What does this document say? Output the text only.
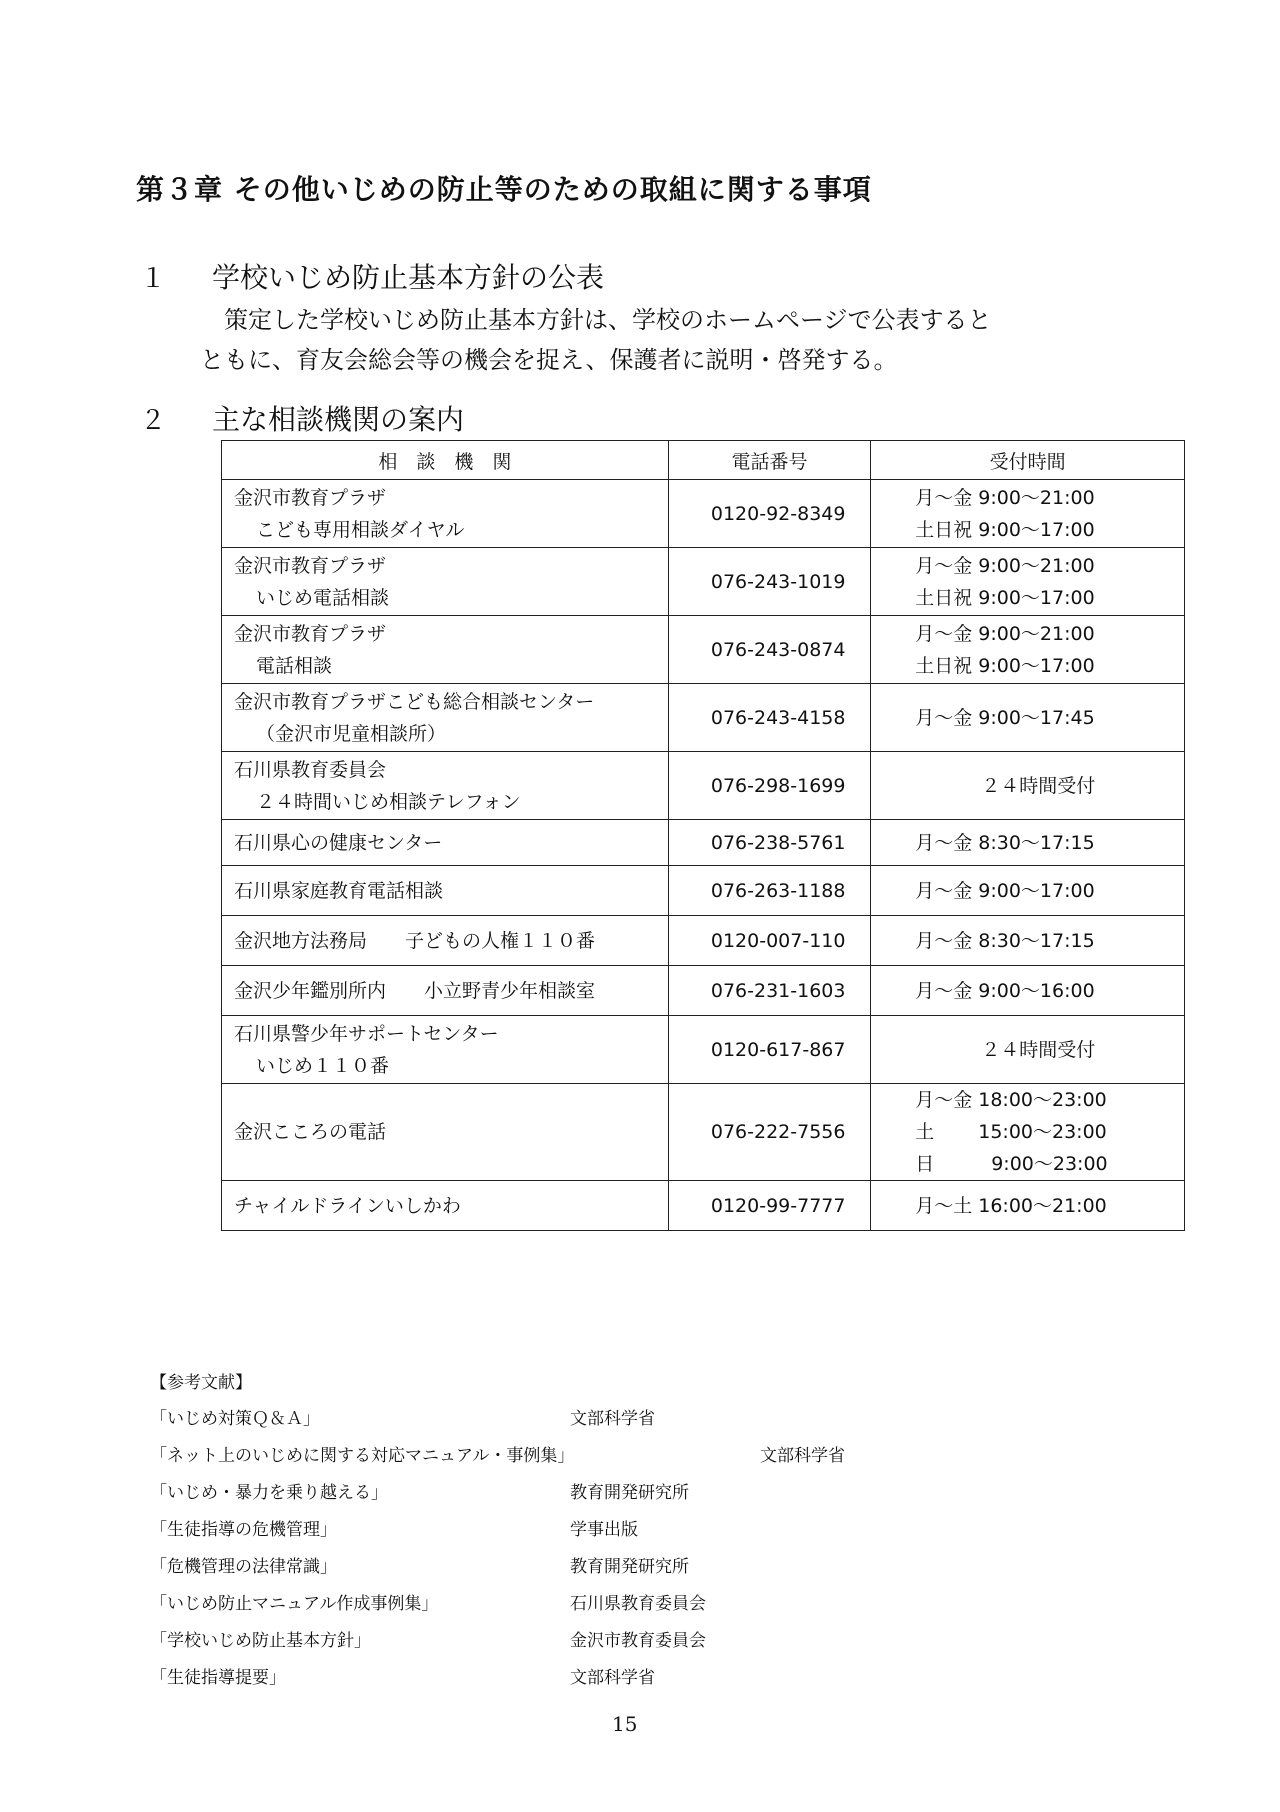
第３章 その他いじめの防止等のための取組に関する事項
１ 学校いじめ防止基本方針の公表

策定した学校いじめ防止基本方針は、学校のホームページで公表すると
ともに、育友会総会等の機会を捉え、保護者に説明・啓発する。

２ 主な相談機関の案内
相　談　機　関	電話番号	受付時間

金沢市教育プラザ
こども専用相談ダイヤル	0120-92-8349	月～金 9:00～21:00
土日祝 9:00～17:00

金沢市教育プラザ
いじめ電話相談	076-243-1019	月～金 9:00～21:00
土日祝 9:00～17:00

金沢市教育プラザ
電話相談	076-243-0874	月～金 9:00～21:00
土日祝 9:00～17:00

金沢市教育プラザこども総合相談センター
（金沢市児童相談所）	076-243-4158	月～金 9:00～17:45

石川県教育委員会
２４時間いじめ相談テレフォン	076-298-1699	２４時間受付

石川県心の健康センター	076-238-5761	月～金 8:30～17:15

石川県家庭教育電話相談	076-263-1188	月～金 9:00～17:00

金沢地方法務局　　子どもの人権１１０番	0120-007-110	月～金 8:30～17:15

金沢少年鑑別所内　　小立野青少年相談室	076-231-1603	月～金 9:00～16:00

石川県警少年サポートセンター
いじめ１１０番	0120-617-867	２４時間受付

金沢こころの電話	076-222-7556	月～金 18:00～23:00
土　　 15:00～23:00
日　　　9:00～23:00

チャイルドラインいしかわ	0120-99-7777	月～土 16:00～21:00
【参考文献】
「いじめ対策Ｑ＆Ａ」	文部科学省
「ネット上のいじめに関する対応マニュアル・事例集」	文部科学省
「いじめ・暴力を乗り越える」	教育開発研究所
「生徒指導の危機管理」	学事出版
「危機管理の法律常識」	教育開発研究所
「いじめ防止マニュアル作成事例集」	石川県教育委員会
「学校いじめ防止基本方針」	金沢市教育委員会
「生徒指導提要」	文部科学省
15
